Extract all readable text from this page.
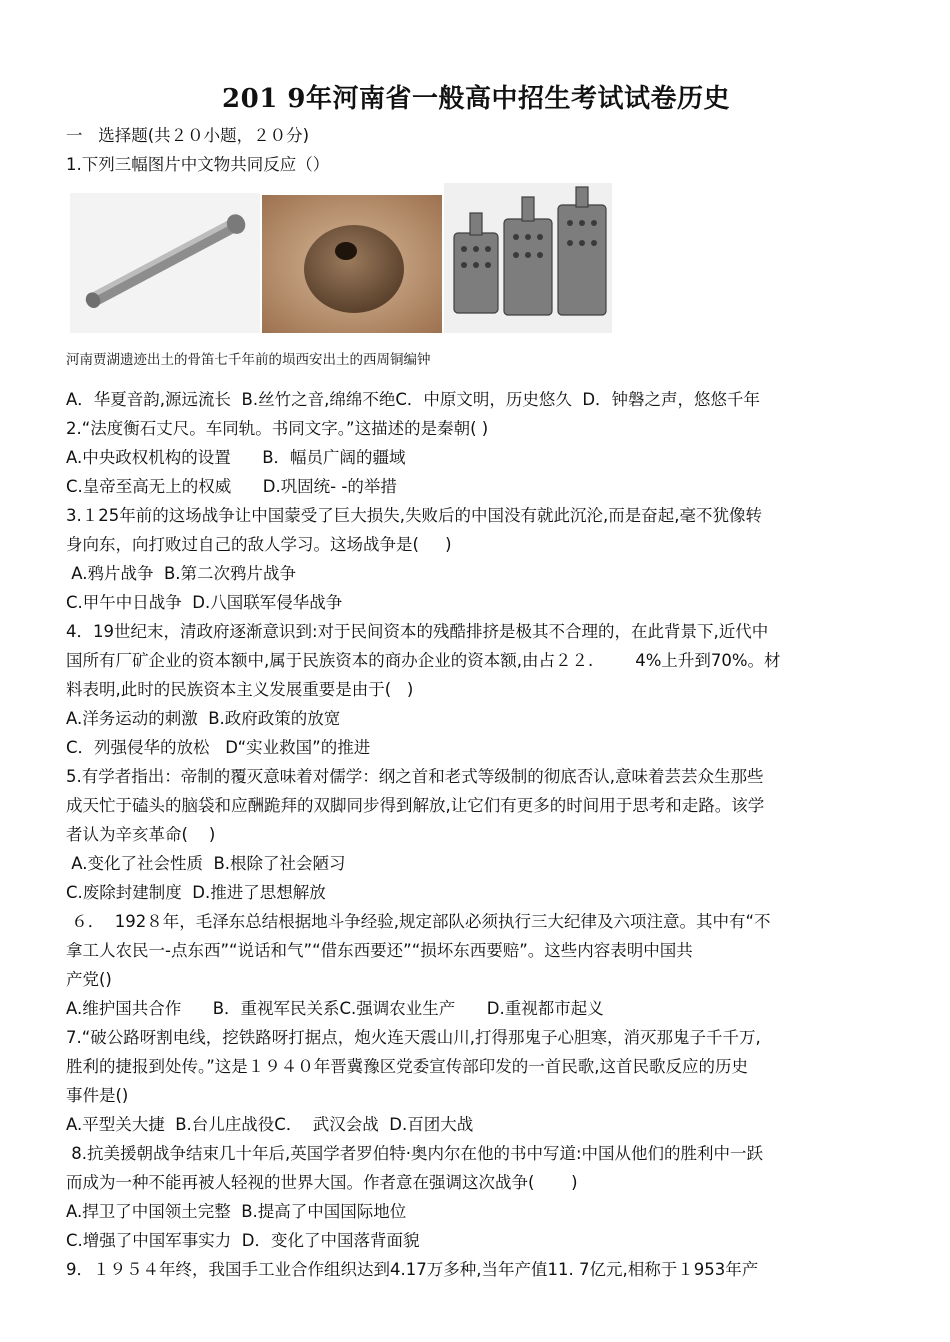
201 9年河南省一般高中招生考试试卷历史

一   选择题(共２０小题，２０分)

1.下列三幅图片中文物共同反应（）

河南贾湖遗迹出土的骨笛七千年前的埙西安出土的西周铜编钟

A．华夏音韵,源远流长  B.丝竹之音,绵绵不绝C．中原文明，历史悠久  D．钟磐之声，悠悠千年

2.“法度衡石丈尺。车同轨。书同文字。”这描述的是秦朝( )

A.中央政权机构的设置      B．幅员广阔的疆域

C.皇帝至高无上的权威      D.巩固统- -的举措

3.１25年前的这场战争让中国蒙受了巨大损失,失败后的中国没有就此沉沦,而是奋起,毫不犹像转

身向东，向打败过自己的敌人学习。这场战争是(     )

A.鸦片战争  B.第二次鸦片战争

C.甲午中日战争  D.八国联军侵华战争

4．19世纪末，清政府逐渐意识到:对于民间资本的残酷排挤是极其不合理的，在此背景下,近代中

国所有厂矿企业的资本额中,属于民族资本的商办企业的资本额,由占２２.        4%上升到70%。材

料表明,此时的民族资本主义发展重要是由于(   )

A.洋务运动的刺激  B.政府政策的放宽

C．列强侵华的放松   D“实业救国”的推进

5.有学者指出：帝制的覆灭意味着对儒学：纲之首和老式等级制的彻底否认,意味着芸芸众生那些

成天忙于磕头的脑袋和应酬跪拜的双脚同步得到解放,让它们有更多的时间用于思考和走路。该学

者认为辛亥革命(    )

A.变化了社会性质  B.根除了社会陋习

C.废除封建制度  D.推进了思想解放

６．  192８年，毛泽东总结根据地斗争经验,规定部队必须执行三大纪律及六项注意。其中有“不

拿工人农民一-点东西”“说话和气”“借东西要还”“损坏东西要赔”。这些内容表明中国共

产党()

A.维护国共合作      B．重视军民关系C.强调农业生产      D.重视都市起义

7.“破公路呀割电线，挖铁路呀打据点，炮火连天震山川,打得那鬼子心胆寒，消灭那鬼子千千万,

胜利的捷报到处传。”这是１９４０年晋冀豫区党委宣传部印发的一首民歌,这首民歌反应的历史

事件是()

A.平型关大捷  B.台儿庄战役C．  武汉会战  D.百团大战

8.抗美援朝战争结束几十年后,英国学者罗伯特·奥内尔在他的书中写道:中国从他们的胜利中一跃

而成为一种不能再被人轻视的世界大国。作者意在强调这次战争(       )

A.捍卫了中国领土完整  B.提高了中国国际地位

C.增强了中国军事实力  D．变化了中国落背面貌

9．１９５４年终，我国手工业合作组织达到4.17万多种,当年产值11. 7亿元,相称于１953年产
